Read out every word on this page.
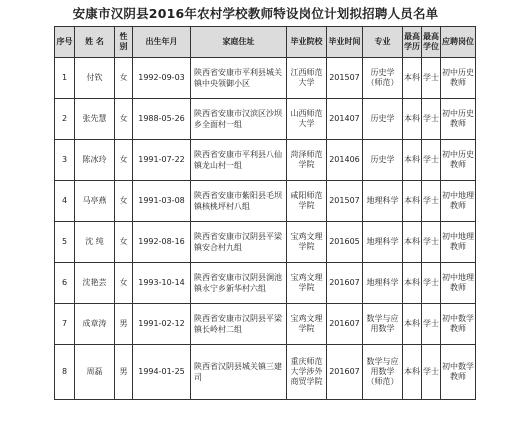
安康市汉阴县2016年农村学校教师特设岗位计划拟招聘人员名单
序号	姓 名	性别	出生年月	家庭住址	毕业院校	毕业时间	专业	最高学历	最高学位	应聘岗位
1	付钦	女	1992-09-03	陕西省安康市平利县城关镇中央领御小区	江西师范大学	201507	历史学（师范）	本科	学士	初中历史教师
2	张先慧	女	1988-05-26	陕西省安康市汉滨区沙坝乡全面村一组	山西师范大学	201407	历史学	本科	学士	初中历史教师
3	陈冰玲	女	1991-07-22	陕西省安康市平利县八仙镇龙山村一组	菏泽师范学院	201406	历史学	本科	学士	初中历史教师
4	马亭燕	女	1991-03-08	陕西省安康市紫阳县毛坝镇核桃坪村八组	咸阳师范学院	201507	地理科学	本科	学士	初中地理教师
5	沈 纯	女	1992-08-16	陕西省安康市汉阴县平梁镇安合村九组	宝鸡文理学院	201605	地理科学	本科	学士	初中地理教师
6	沈艳芸	女	1993-10-14	陕西省安康市汉阴县涧池镇永宁乡新华村六组	宝鸡文理学院	201607	地理科学	本科	学士	初中地理教师
7	成章涛	男	1991-02-12	陕西省安康市汉阴县平梁镇长岭村二组	宝鸡文理学院	201607	数学与应用数学	本科	学士	初中数学教师
8	周磊	男	1994-01-25	陕西省汉阴县城关镇三建司	重庆师范大学涉外商贸学院	201607	数学与应用数学（师范）	本科	学士	初中数学教师
